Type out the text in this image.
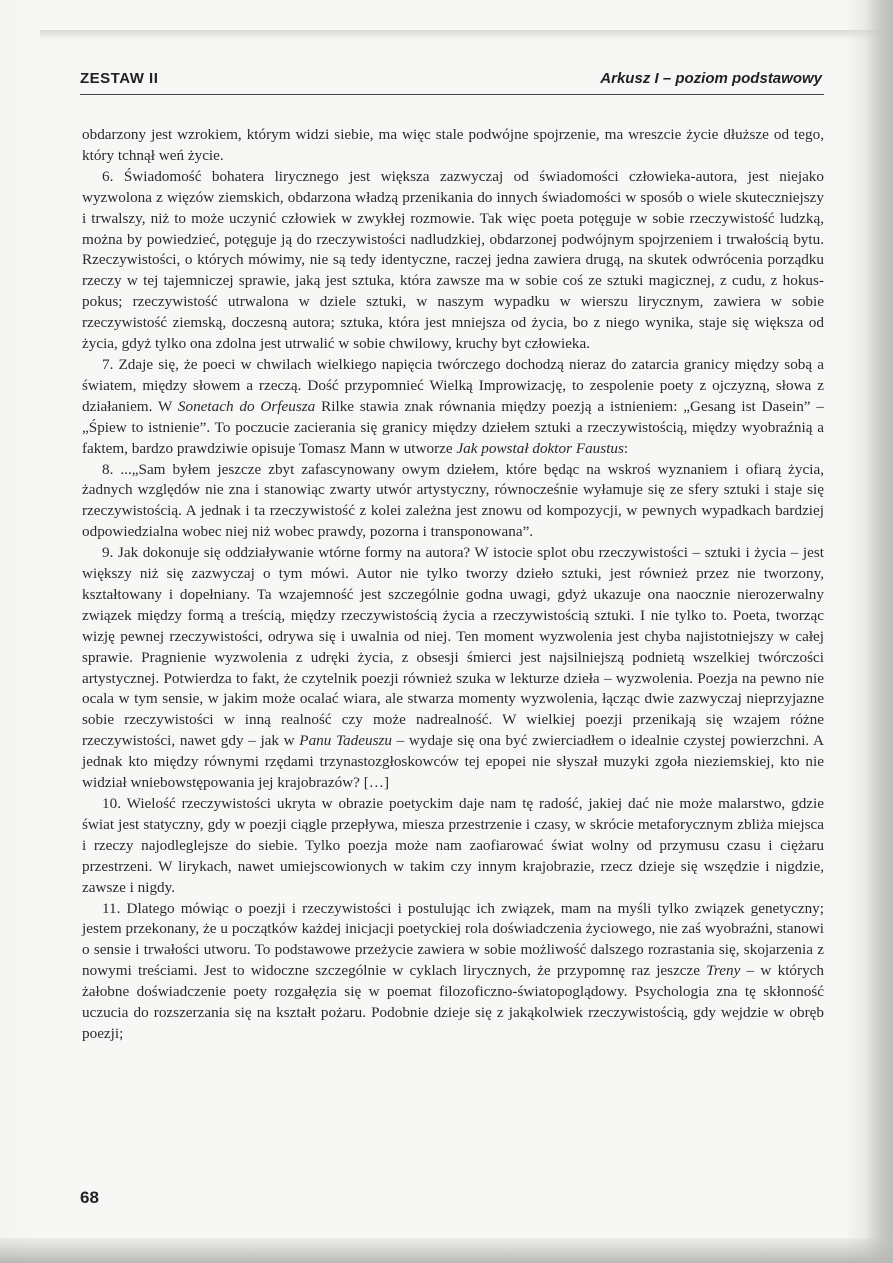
ZESTAW II	Arkusz I – poziom podstawowy

obdarzony jest wzrokiem, którym widzi siebie, ma więc stale podwójne spojrzenie, ma wreszcie życie dłuższe od tego, który tchnął weń życie.

6. Świadomość bohatera lirycznego jest większa zazwyczaj od świadomości człowieka-autora, jest niejako wyzwolona z więzów ziemskich, obdarzona władzą przenikania do innych świadomości w sposób o wiele skuteczniejszy i trwalszy, niż to może uczynić człowiek w zwykłej rozmowie. Tak więc poeta potęguje w sobie rzeczywistość ludzką, można by powiedzieć, potęguje ją do rzeczywistości nadludzkiej, obdarzonej podwójnym spojrzeniem i trwałością bytu. Rzeczywistości, o których mówimy, nie są tedy identyczne, raczej jedna zawiera drugą, na skutek odwrócenia porządku rzeczy w tej tajemniczej sprawie, jaką jest sztuka, która zawsze ma w sobie coś ze sztuki magicznej, z cudu, z hokus-pokus; rzeczywistość utrwalona w dziele sztuki, w naszym wypadku w wierszu lirycznym, zawiera w sobie rzeczywistość ziemską, doczesną autora; sztuka, która jest mniejsza od życia, bo z niego wynika, staje się większa od życia, gdyż tylko ona zdolna jest utrwalić w sobie chwilowy, kruchy byt człowieka.

7. Zdaje się, że poeci w chwilach wielkiego napięcia twórczego dochodzą nieraz do zatarcia granicy między sobą a światem, między słowem a rzeczą. Dość przypomnieć Wielką Improwizację, to zespolenie poety z ojczyzną, słowa z działaniem. W Sonetach do Orfeusza Rilke stawia znak równania między poezją a istnieniem: „Gesang ist Dasein” – „Śpiew to istnienie”. To poczucie zacierania się granicy między dziełem sztuki a rzeczywistością, między wyobraźnią a faktem, bardzo prawdziwie opisuje Tomasz Mann w utworze Jak powstał doktor Faustus:

8. ...„Sam byłem jeszcze zbyt zafascynowany owym dziełem, które będąc na wskroś wyznaniem i ofiarą życia, żadnych względów nie zna i stanowiąc zwarty utwór artystyczny, równocześnie wyłamuje się ze sfery sztuki i staje się rzeczywistością. A jednak i ta rzeczywistość z kolei zależna jest znowu od kompozycji, w pewnych wypadkach bardziej odpowiedzialna wobec niej niż wobec prawdy, pozorna i transponowana”.

9. Jak dokonuje się oddziaływanie wtórne formy na autora? W istocie splot obu rzeczywistości – sztuki i życia – jest większy niż się zazwyczaj o tym mówi. Autor nie tylko tworzy dzieło sztuki, jest również przez nie tworzony, kształtowany i dopełniany. Ta wzajemność jest szczególnie godna uwagi, gdyż ukazuje ona naocznie nierozerwalny związek między formą a treścią, między rzeczywistością życia a rzeczywistością sztuki. I nie tylko to. Poeta, tworząc wizję pewnej rzeczywistości, odrywa się i uwalnia od niej. Ten moment wyzwolenia jest chyba najistotniejszy w całej sprawie. Pragnienie wyzwolenia z udręki życia, z obsesji śmierci jest najsilniejszą podnietą wszelkiej twórczości artystycznej. Potwierdza to fakt, że czytelnik poezji również szuka w lekturze dzieła – wyzwolenia. Poezja na pewno nie ocala w tym sensie, w jakim może ocalać wiara, ale stwarza momenty wyzwolenia, łącząc dwie zazwyczaj nieprzyjazne sobie rzeczywistości w inną realność czy może nadrealność. W wielkiej poezji przenikają się wzajem różne rzeczywistości, nawet gdy – jak w Panu Tadeuszu – wydaje się ona być zwierciadłem o idealnie czystej powierzchni. A jednak kto między równymi rzędami trzynastozgłoskowców tej epopei nie słyszał muzyki zgoła nieziemskiej, kto nie widział wniebowstępowania jej krajobrazów? […]

10. Wielość rzeczywistości ukryta w obrazie poetyckim daje nam tę radość, jakiej dać nie może malarstwo, gdzie świat jest statyczny, gdy w poezji ciągle przepływa, miesza przestrzenie i czasy, w skrócie metaforycznym zbliża miejsca i rzeczy najodleglejsze do siebie. Tylko poezja może nam zaofiarować świat wolny od przymusu czasu i ciężaru przestrzeni. W lirykach, nawet umiejscowionych w takim czy innym krajobrazie, rzecz dzieje się wszędzie i nigdzie, zawsze i nigdy.

11. Dlatego mówiąc o poezji i rzeczywistości i postulując ich związek, mam na myśli tylko związek genetyczny; jestem przekonany, że u początków każdej inicjacji poetyckiej rola doświadczenia życiowego, nie zaś wyobraźni, stanowi o sensie i trwałości utworu. To podstawowe przeżycie zawiera w sobie możliwość dalszego rozrastania się, skojarzenia z nowymi treściami. Jest to widoczne szczególnie w cyklach lirycznych, że przypomnę raz jeszcze Treny – w których żałobne doświadczenie poety rozgałęzia się w poemat filozoficzno-światopoglądowy. Psychologia zna tę skłonność uczucia do rozszerzania się na kształt pożaru. Podobnie dzieje się z jakąkolwiek rzeczywistością, gdy wejdzie w obręb poezji;

68
